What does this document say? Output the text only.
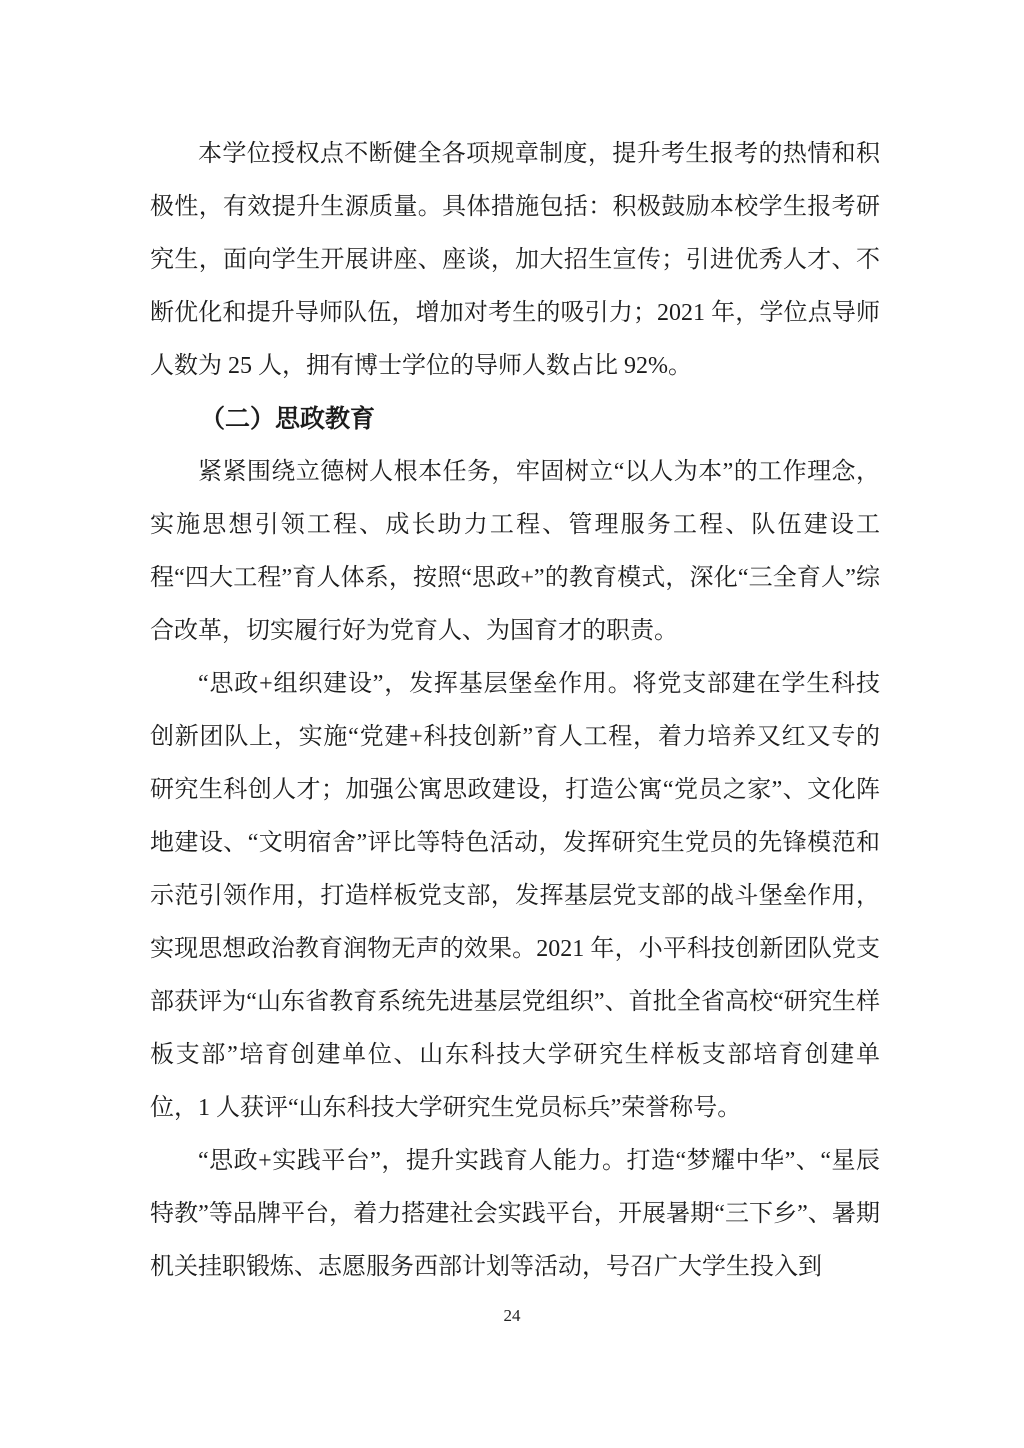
本学位授权点不断健全各项规章制度，提升考生报考的热情和积极性，有效提升生源质量。具体措施包括：积极鼓励本校学生报考研究生，面向学生开展讲座、座谈，加大招生宣传；引进优秀人才、不断优化和提升导师队伍，增加对考生的吸引力；2021 年，学位点导师人数为 25 人，拥有博士学位的导师人数占比 92%。

（二）思政教育

紧紧围绕立德树人根本任务，牢固树立“以人为本”的工作理念，实施思想引领工程、成长助力工程、管理服务工程、队伍建设工程“四大工程”育人体系，按照“思政+”的教育模式，深化“三全育人”综合改革，切实履行好为党育人、为国育才的职责。

“思政+组织建设”，发挥基层堡垒作用。将党支部建在学生科技创新团队上，实施“党建+科技创新”育人工程，着力培养又红又专的研究生科创人才；加强公寓思政建设，打造公寓“党员之家”、文化阵地建设、“文明宿舍”评比等特色活动，发挥研究生党员的先锋模范和示范引领作用，打造样板党支部，发挥基层党支部的战斗堡垒作用，实现思想政治教育润物无声的效果。2021 年，小平科技创新团队党支部获评为“山东省教育系统先进基层党组织”、首批全省高校“研究生样板支部”培育创建单位、山东科技大学研究生样板支部培育创建单位，1 人获评“山东科技大学研究生党员标兵”荣誉称号。

“思政+实践平台”，提升实践育人能力。打造“梦耀中华”、“星辰特教”等品牌平台，着力搭建社会实践平台，开展暑期“三下乡”、暑期机关挂职锻炼、志愿服务西部计划等活动，号召广大学生投入到

24
